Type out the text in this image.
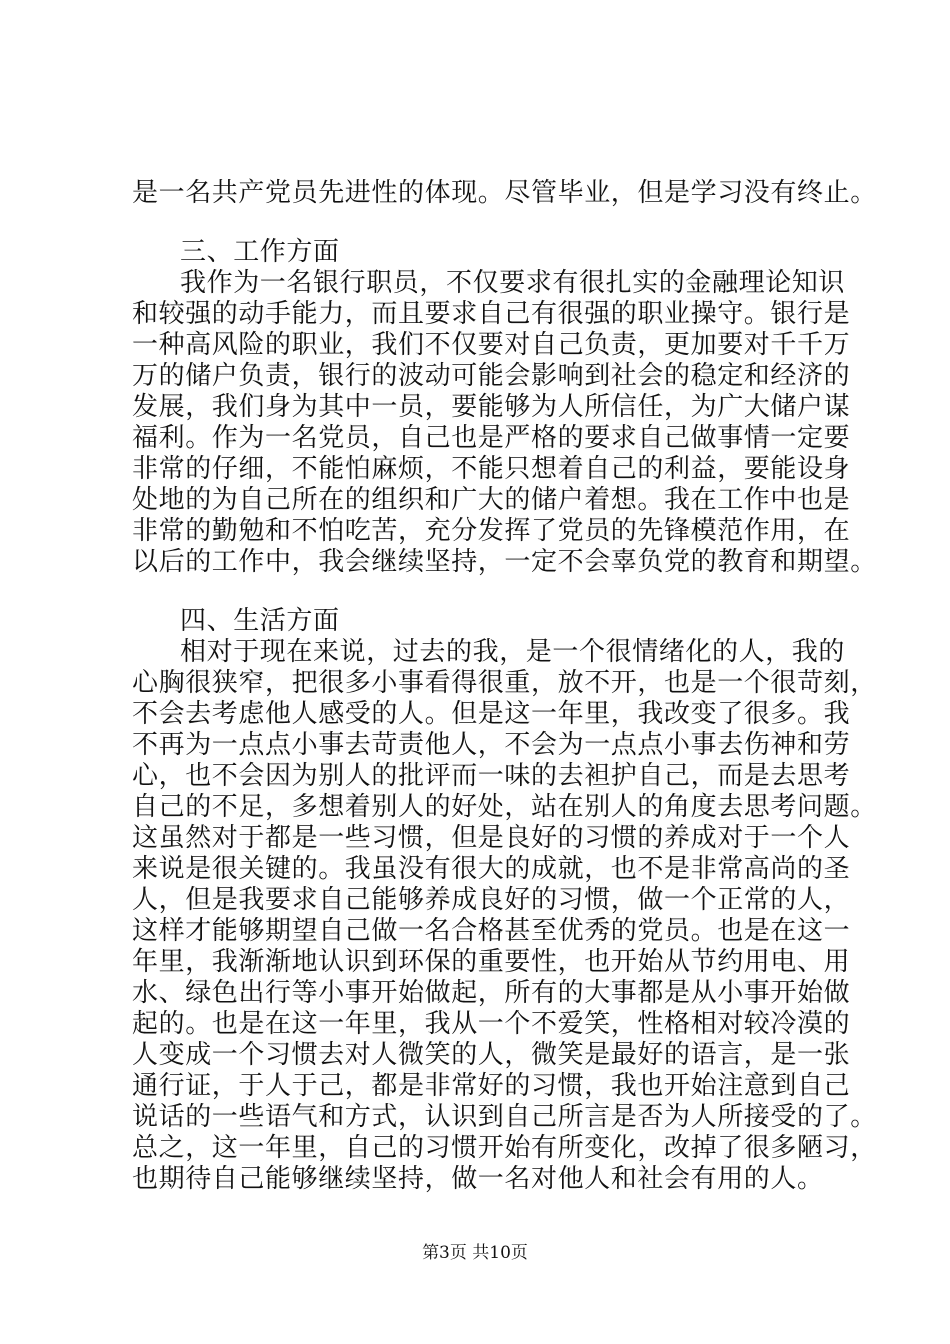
是一名共产党员先进性的体现。尽管毕业，但是学习没有终止。
三、工作方面
我作为一名银行职员，不仅要求有很扎实的金融理论知识
和较强的动手能力，而且要求自己有很强的职业操守。银行是
一种高风险的职业，我们不仅要对自己负责，更加要对千千万
万的储户负责，银行的波动可能会影响到社会的稳定和经济的
发展，我们身为其中一员，要能够为人所信任，为广大储户谋
福利。作为一名党员，自己也是严格的要求自己做事情一定要
非常的仔细，不能怕麻烦，不能只想着自己的利益，要能设身
处地的为自己所在的组织和广大的储户着想。我在工作中也是
非常的勤勉和不怕吃苦，充分发挥了党员的先锋模范作用，在
以后的工作中，我会继续坚持，一定不会辜负党的教育和期望。
四、生活方面
相对于现在来说，过去的我，是一个很情绪化的人，我的
心胸很狭窄，把很多小事看得很重，放不开，也是一个很苛刻，
不会去考虑他人感受的人。但是这一年里，我改变了很多。我
不再为一点点小事去苛责他人，不会为一点点小事去伤神和劳
心，也不会因为别人的批评而一味的去袒护自己，而是去思考
自己的不足，多想着别人的好处，站在别人的角度去思考问题。
这虽然对于都是一些习惯，但是良好的习惯的养成对于一个人
来说是很关键的。我虽没有很大的成就，也不是非常高尚的圣
人，但是我要求自己能够养成良好的习惯，做一个正常的人，
这样才能够期望自己做一名合格甚至优秀的党员。也是在这一
年里，我渐渐地认识到环保的重要性，也开始从节约用电、用
水、绿色出行等小事开始做起，所有的大事都是从小事开始做
起的。也是在这一年里，我从一个不爱笑，性格相对较冷漠的
人变成一个习惯去对人微笑的人，微笑是最好的语言，是一张
通行证，于人于己，都是非常好的习惯，我也开始注意到自己
说话的一些语气和方式，认识到自己所言是否为人所接受的了。
总之，这一年里，自己的习惯开始有所变化，改掉了很多陋习，
也期待自己能够继续坚持，做一名对他人和社会有用的人。
第3页 共10页
